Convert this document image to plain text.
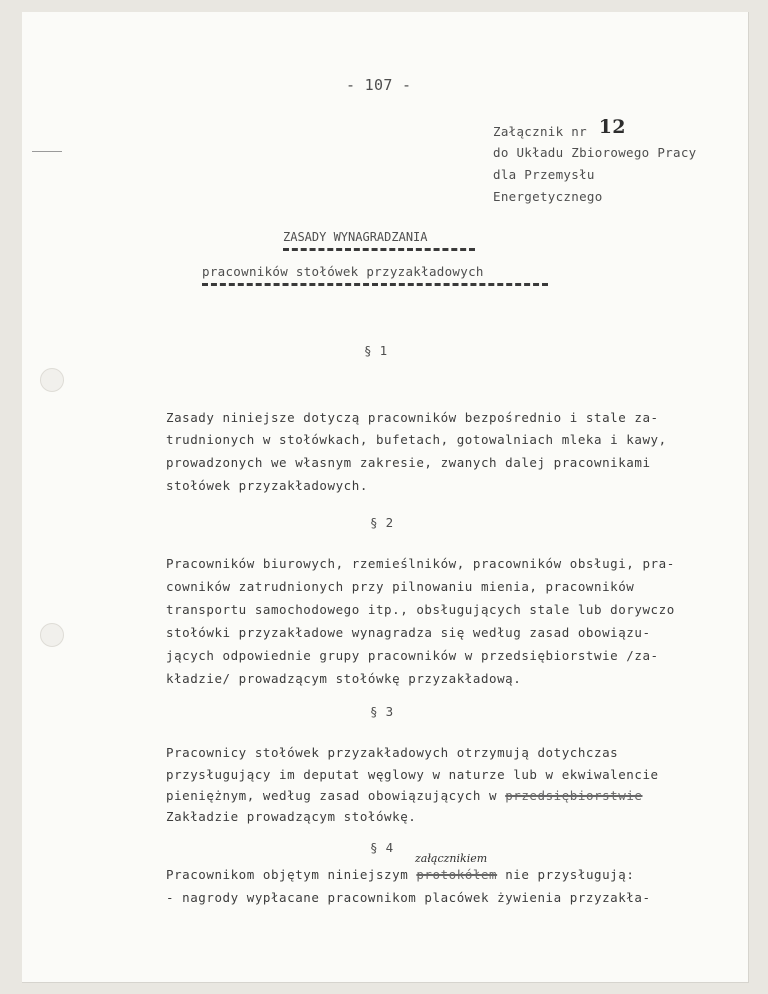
- 107 -
Załącznik nr 12
do Układu Zbiorowego Pracy
dla Przemysłu
Energetycznego
ZASADY WYNAGRADZANIA
pracowników stołówek przyzakładowych
§ 1
Zasady niniejsze dotyczą pracowników bezpośrednio i stale za-
trudnionych w stołówkach, bufetach, gotowalniach mleka i kawy,
prowadzonych we własnym zakresie, zwanych dalej pracownikami
stołówek przyzakładowych.
§ 2
Pracowników biurowych, rzemieślników, pracowników obsługi, pra-
cowników zatrudnionych przy pilnowaniu mienia, pracowników
transportu samochodowego itp., obsługujących stale lub dorywczo
stołówki przyzakładowe wynagradza się według zasad obowiązu-
jących odpowiednie grupy pracowników w przedsiębiorstwie /za-
kładzie/ prowadzącym stołówkę przyzakładową.
§ 3
Pracownicy stołówek przyzakładowych otrzymują dotychczas
przysługujący im deputat węglowy w naturze lub w ekwiwalencie
pieniężnym, według zasad obowiązujących w przedsiębiorstwie
Zakładzie prowadzącym stołówkę.
§ 4
załącznikiem
Pracownikom objętym niniejszym protokółem nie przysługują:
- nagrody wypłacane pracownikom placówek żywienia przyzakła-
